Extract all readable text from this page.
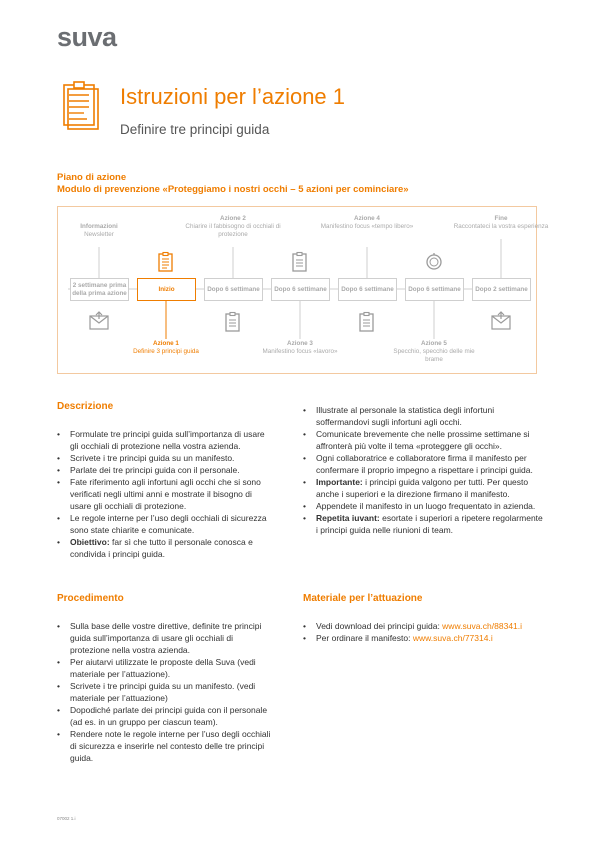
suva
Istruzioni per l’azione 1
Definire tre principi guida
Piano di azione
Modulo di prevenzione «Proteggiamo i nostri occhi – 5 azioni per cominciare»
Informazioni
Newsletter
Azione 2
Chiarire il fabbisogno di occhiali di protezione
Azione 4
Manifestino focus «tempo libero»
Fine
Raccontateci la vostra esperienza
2 settimane prima della prima azione
Inizio	Dopo 6 settimane	Dopo 6 settimane	Dopo 6 settimane	Dopo 6 settimane	Dopo 2 settimane
Azione 1
Definire 3 principi guida
Azione 3
Manifestino focus «lavoro»
Azione 5
Specchio, specchio delle mie brame
Descrizione
• Formulate tre principi guida sull’importanza di usare gli occhiali di protezione nella vostra azienda.
• Scrivete i tre principi guida su un manifesto.
• Parlate dei tre principi guida con il personale.
• Fate riferimento agli infortuni agli occhi che si sono verificati negli ultimi anni e mostrate il bisogno di usare gli occhiali di protezione.
• Le regole interne per l’uso degli occhiali di sicurezza sono state chiarite e comunicate.
• Obiettivo: far sì che tutto il personale conosca e condivida i principi guida.
• Illustrate al personale la statistica degli infortuni soffermandovi sugli infortuni agli occhi.
• Comunicate brevemente che nelle prossime settimane si affronterà più volte il tema «proteggere gli occhi».
• Ogni collaboratrice e collaboratore firma il manifesto per confermare il proprio impegno a rispettare i principi guida.
• Importante: i principi guida valgono per tutti. Per questo anche i superiori e la direzione firmano il manifesto.
• Appendete il manifesto in un luogo frequentato in azienda.
• Repetita iuvant: esortate i superiori a ripetere regolarmente i principi guida nelle riunioni di team.
Procedimento
• Sulla base delle vostre direttive, definite tre principi guida sull’importanza di usare gli occhiali di protezione nella vostra azienda.
• Per aiutarvi utilizzate le proposte della Suva (vedi materiale per l’attuazione).
• Scrivete i tre principi guida su un manifesto. (vedi materiale per l’attuazione)
• Dopodiché parlate dei principi guida con il personale (ad es. in un gruppo per ciascun team).
• Rendere note le regole interne per l’uso degli occhiali di sicurezza e inserirle nel contesto delle tre principi guida.
Materiale per l’attuazione
• Vedi download dei principi guida: www.suva.ch/88341.i
• Per ordinare il manifesto: www.suva.ch/77314.i
07002 1.i
